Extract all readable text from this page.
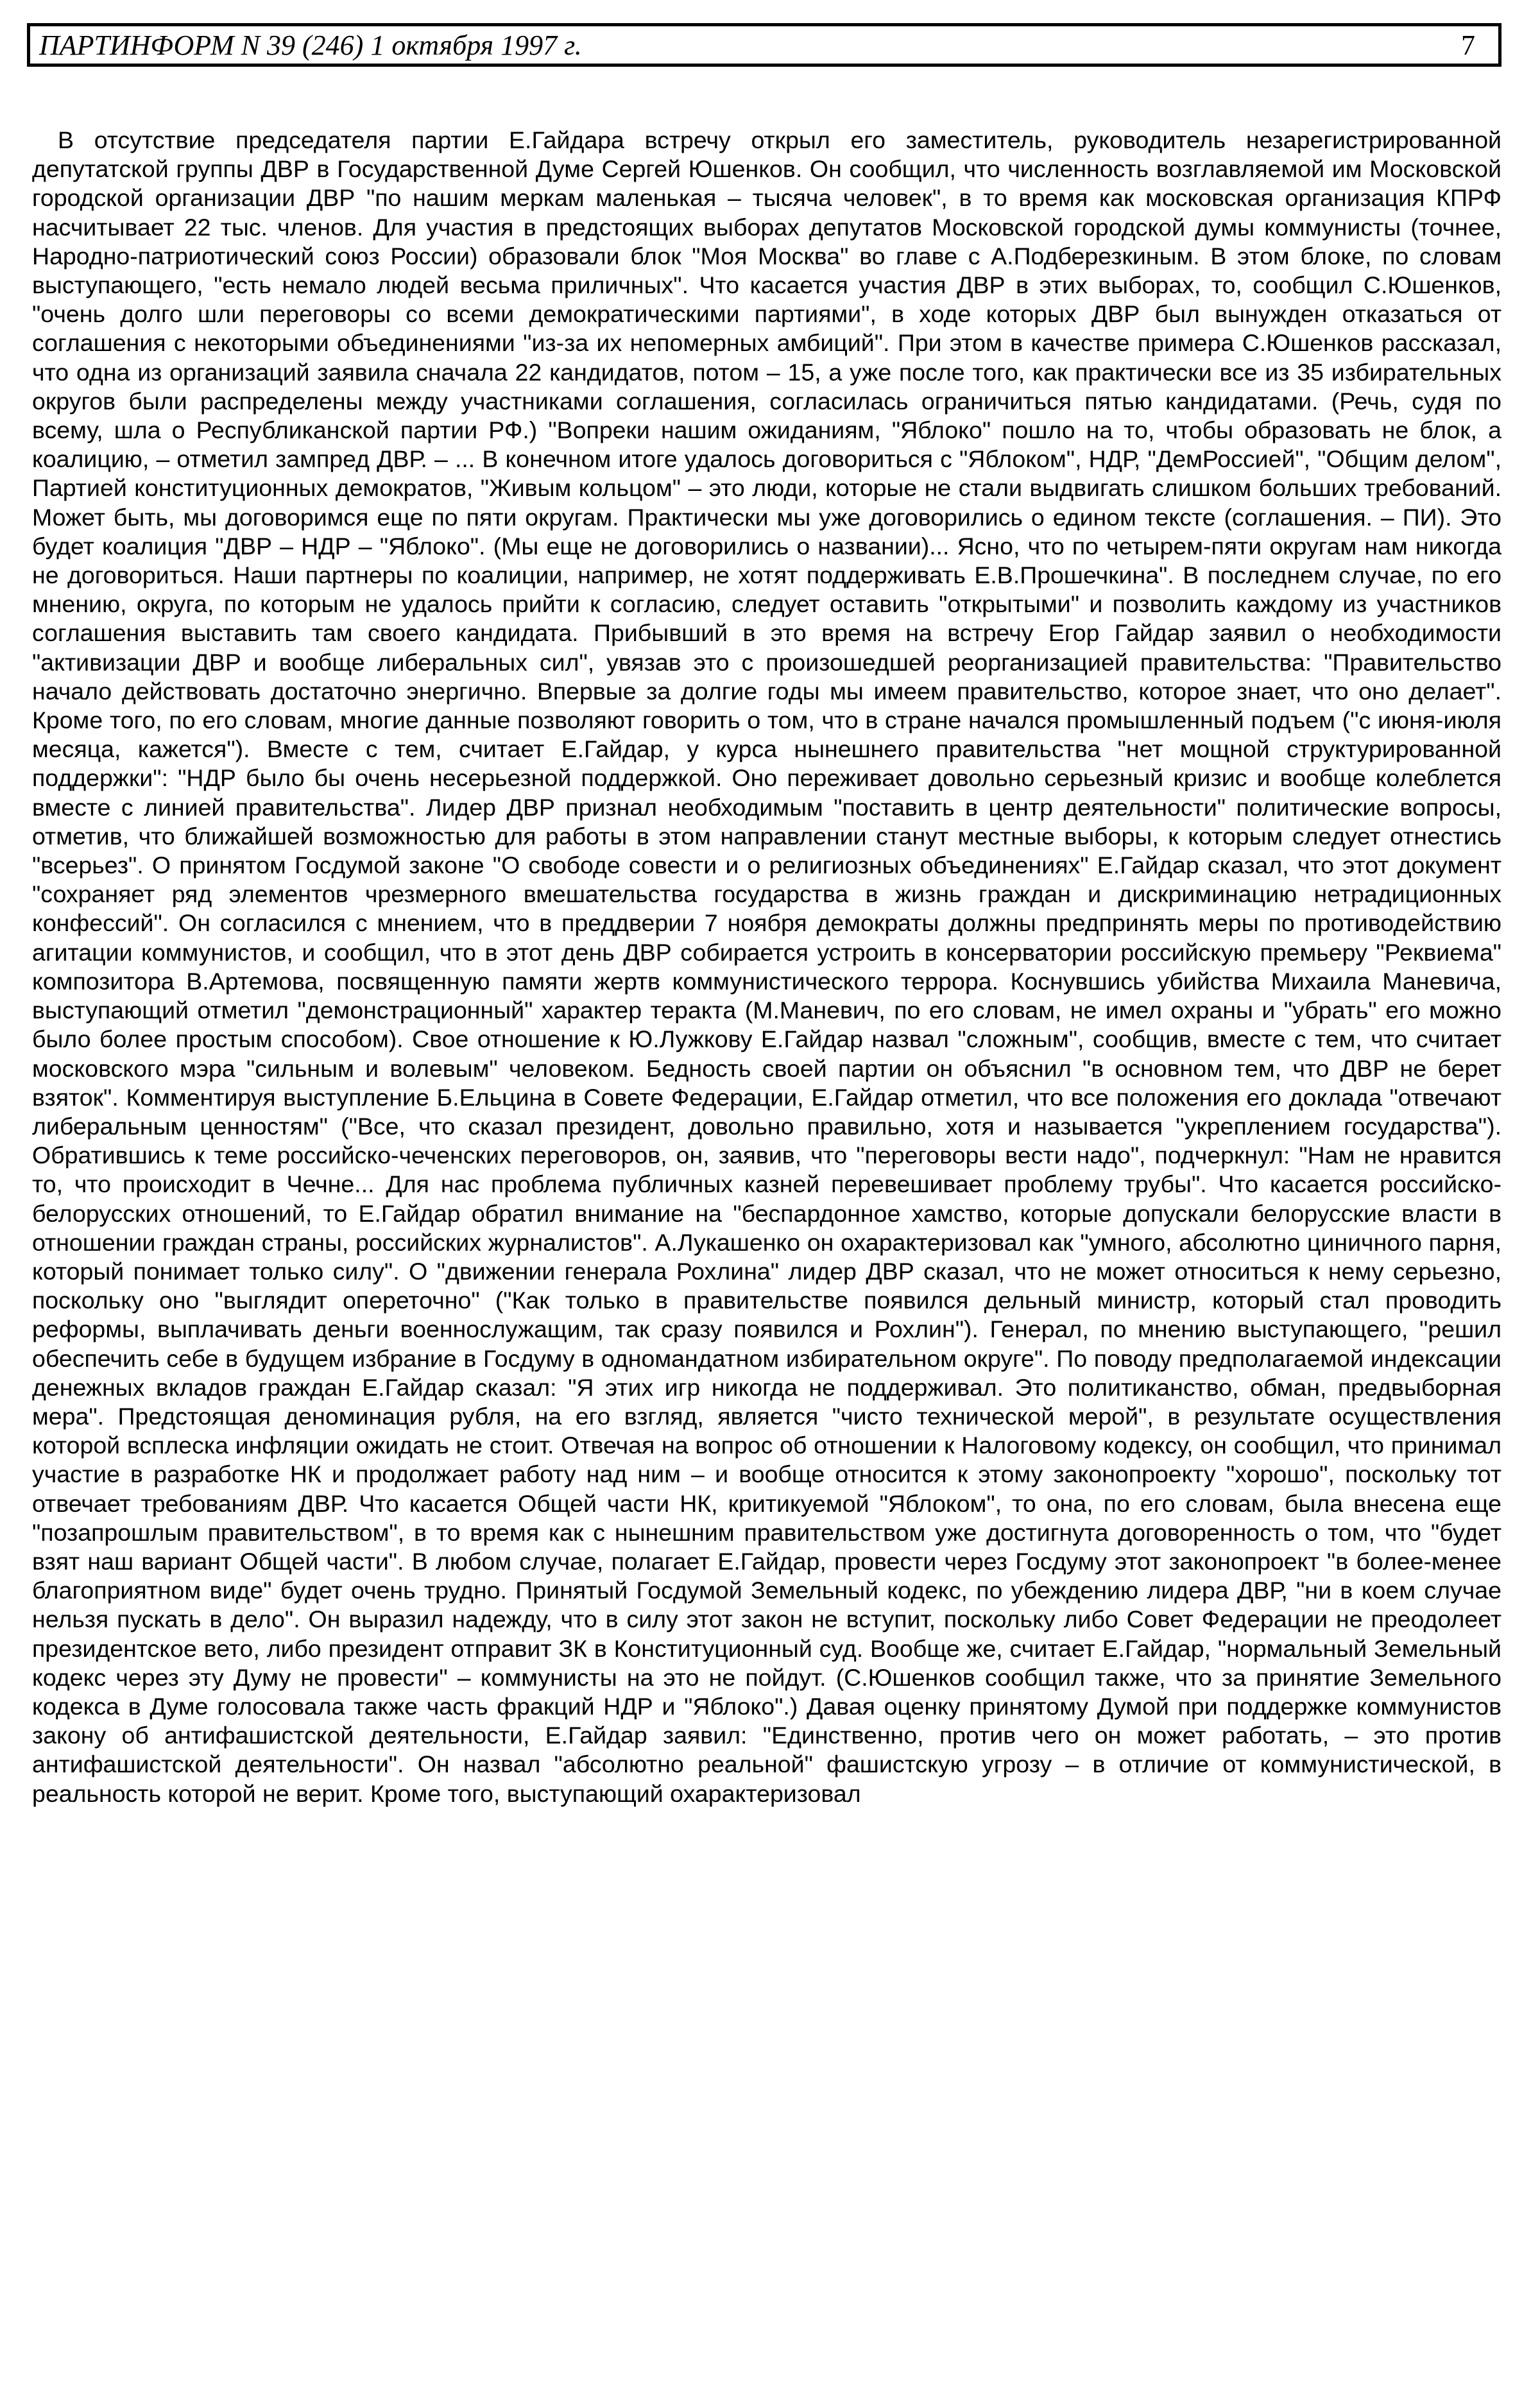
ПАРТИНФОРМ N 39 (246) 1 октября 1997 г.	7

В отсутствие председателя партии Е.Гайдара встречу открыл его заместитель, руководитель незарегистрированной депутатской группы ДВР в Государственной Думе Сергей Юшенков. Он сообщил, что численность возглавляемой им Московской городской организации ДВР "по нашим меркам маленькая – тысяча человек", в то время как московская организация КПРФ насчитывает 22 тыс. членов. Для участия в предстоящих выборах депутатов Московской городской думы коммунисты (точнее, Народно-патриотический союз России) образовали блок "Моя Москва" во главе с А.Подберезкиным. В этом блоке, по словам выступающего, "есть немало людей весьма приличных". Что касается участия ДВР в этих выборах, то, сообщил С.Юшенков, "очень долго шли переговоры со всеми демократическими партиями", в ходе которых ДВР был вынужден отказаться от соглашения с некоторыми объединениями "из-за их непомерных амбиций". При этом в качестве примера С.Юшенков рассказал, что одна из организаций заявила сначала 22 кандидатов, потом – 15, а уже после того, как практически все из 35 избирательных округов были распределены между участниками соглашения, согласилась ограничиться пятью кандидатами. (Речь, судя по всему, шла о Республиканской партии РФ.) "Вопреки нашим ожиданиям, "Яблоко" пошло на то, чтобы образовать не блок, а коалицию, – отметил зампред ДВР. – ... В конечном итоге удалось договориться с "Яблоком", НДР, "ДемРоссией", "Общим делом", Партией конституционных демократов, "Живым кольцом" – это люди, которые не стали выдвигать слишком больших требований. Может быть, мы договоримся еще по пяти округам. Практически мы уже договорились о едином тексте (соглашения. – ПИ). Это будет коалиция "ДВР – НДР – "Яблоко". (Мы еще не договорились о названии)... Ясно, что по четырем-пяти округам нам никогда не договориться. Наши партнеры по коалиции, например, не хотят поддерживать Е.В.Прошечкина". В последнем случае, по его мнению, округа, по которым не удалось прийти к согласию, следует оставить "открытыми" и позволить каждому из участников соглашения выставить там своего кандидата. Прибывший в это время на встречу Егор Гайдар заявил о необходимости "активизации ДВР и вообще либеральных сил", увязав это с произошедшей реорганизацией правительства: "Правительство начало действовать достаточно энергично. Впервые за долгие годы мы имеем правительство, которое знает, что оно делает". Кроме того, по его словам, многие данные позволяют говорить о том, что в стране начался промышленный подъем ("с июня-июля месяца, кажется"). Вместе с тем, считает Е.Гайдар, у курса нынешнего правительства "нет мощной структурированной поддержки": "НДР было бы очень несерьезной поддержкой. Оно переживает довольно серьезный кризис и вообще колеблется вместе с линией правительства". Лидер ДВР признал необходимым "поставить в центр деятельности" политические вопросы, отметив, что ближайшей возможностью для работы в этом направлении станут местные выборы, к которым следует отнестись "всерьез". О принятом Госдумой законе "О свободе совести и о религиозных объединениях" Е.Гайдар сказал, что этот документ "сохраняет ряд элементов чрезмерного вмешательства государства в жизнь граждан и дискриминацию нетрадиционных конфессий". Он согласился с мнением, что в преддверии 7 ноября демократы должны предпринять меры по противодействию агитации коммунистов, и сообщил, что в этот день ДВР собирается устроить в консерватории российскую премьеру "Реквиема" композитора В.Артемова, посвященную памяти жертв коммунистического террора. Коснувшись убийства Михаила Маневича, выступающий отметил "демонстрационный" характер теракта (М.Маневич, по его словам, не имел охраны и "убрать" его можно было более простым способом). Свое отношение к Ю.Лужкову Е.Гайдар назвал "сложным", сообщив, вместе с тем, что считает московского мэра "сильным и волевым" человеком. Бедность своей партии он объяснил "в основном тем, что ДВР не берет взяток". Комментируя выступление Б.Ельцина в Совете Федерации, Е.Гайдар отметил, что все положения его доклада "отвечают либеральным ценностям" ("Все, что сказал президент, довольно правильно, хотя и называется "укреплением государства"). Обратившись к теме российско-чеченских переговоров, он, заявив, что "переговоры вести надо", подчеркнул: "Нам не нравится то, что происходит в Чечне... Для нас проблема публичных казней перевешивает проблему трубы". Что касается российско-белорусских отношений, то Е.Гайдар обратил внимание на "беспардонное хамство, которые допускали белорусские власти в отношении граждан страны, российских журналистов". А.Лукашенко он охарактеризовал как "умного, абсолютно циничного парня, который понимает только силу". О "движении генерала Рохлина" лидер ДВР сказал, что не может относиться к нему серьезно, поскольку оно "выглядит опереточно" ("Как только в правительстве появился дельный министр, который стал проводить реформы, выплачивать деньги военнослужащим, так сразу появился и Рохлин"). Генерал, по мнению выступающего, "решил обеспечить себе в будущем избрание в Госдуму в одномандатном избирательном округе". По поводу предполагаемой индексации денежных вкладов граждан Е.Гайдар сказал: "Я этих игр никогда не поддерживал. Это политиканство, обман, предвыборная мера". Предстоящая деноминация рубля, на его взгляд, является "чисто технической мерой", в результате осуществления которой всплеска инфляции ожидать не стоит. Отвечая на вопрос об отношении к Налоговому кодексу, он сообщил, что принимал участие в разработке НК и продолжает работу над ним – и вообще относится к этому законопроекту "хорошо", поскольку тот отвечает требованиям ДВР. Что касается Общей части НК, критикуемой "Яблоком", то она, по его словам, была внесена еще "позапрошлым правительством", в то время как с нынешним правительством уже достигнута договоренность о том, что "будет взят наш вариант Общей части". В любом случае, полагает Е.Гайдар, провести через Госдуму этот законопроект "в более-менее благоприятном виде" будет очень трудно. Принятый Госдумой Земельный кодекс, по убеждению лидера ДВР, "ни в коем случае нельзя пускать в дело". Он выразил надежду, что в силу этот закон не вступит, поскольку либо Совет Федерации не преодолеет президентское вето, либо президент отправит ЗК в Конституционный суд. Вообще же, считает Е.Гайдар, "нормальный Земельный кодекс через эту Думу не провести" – коммунисты на это не пойдут. (С.Юшенков сообщил также, что за принятие Земельного кодекса в Думе голосовала также часть фракций НДР и "Яблоко".) Давая оценку принятому Думой при поддержке коммунистов закону об антифашистской деятельности, Е.Гайдар заявил: "Единственно, против чего он может работать, – это против антифашистской деятельности". Он назвал "абсолютно реальной" фашистскую угрозу – в отличие от коммунистической, в реальность которой не верит. Кроме того, выступающий охарактеризовал
